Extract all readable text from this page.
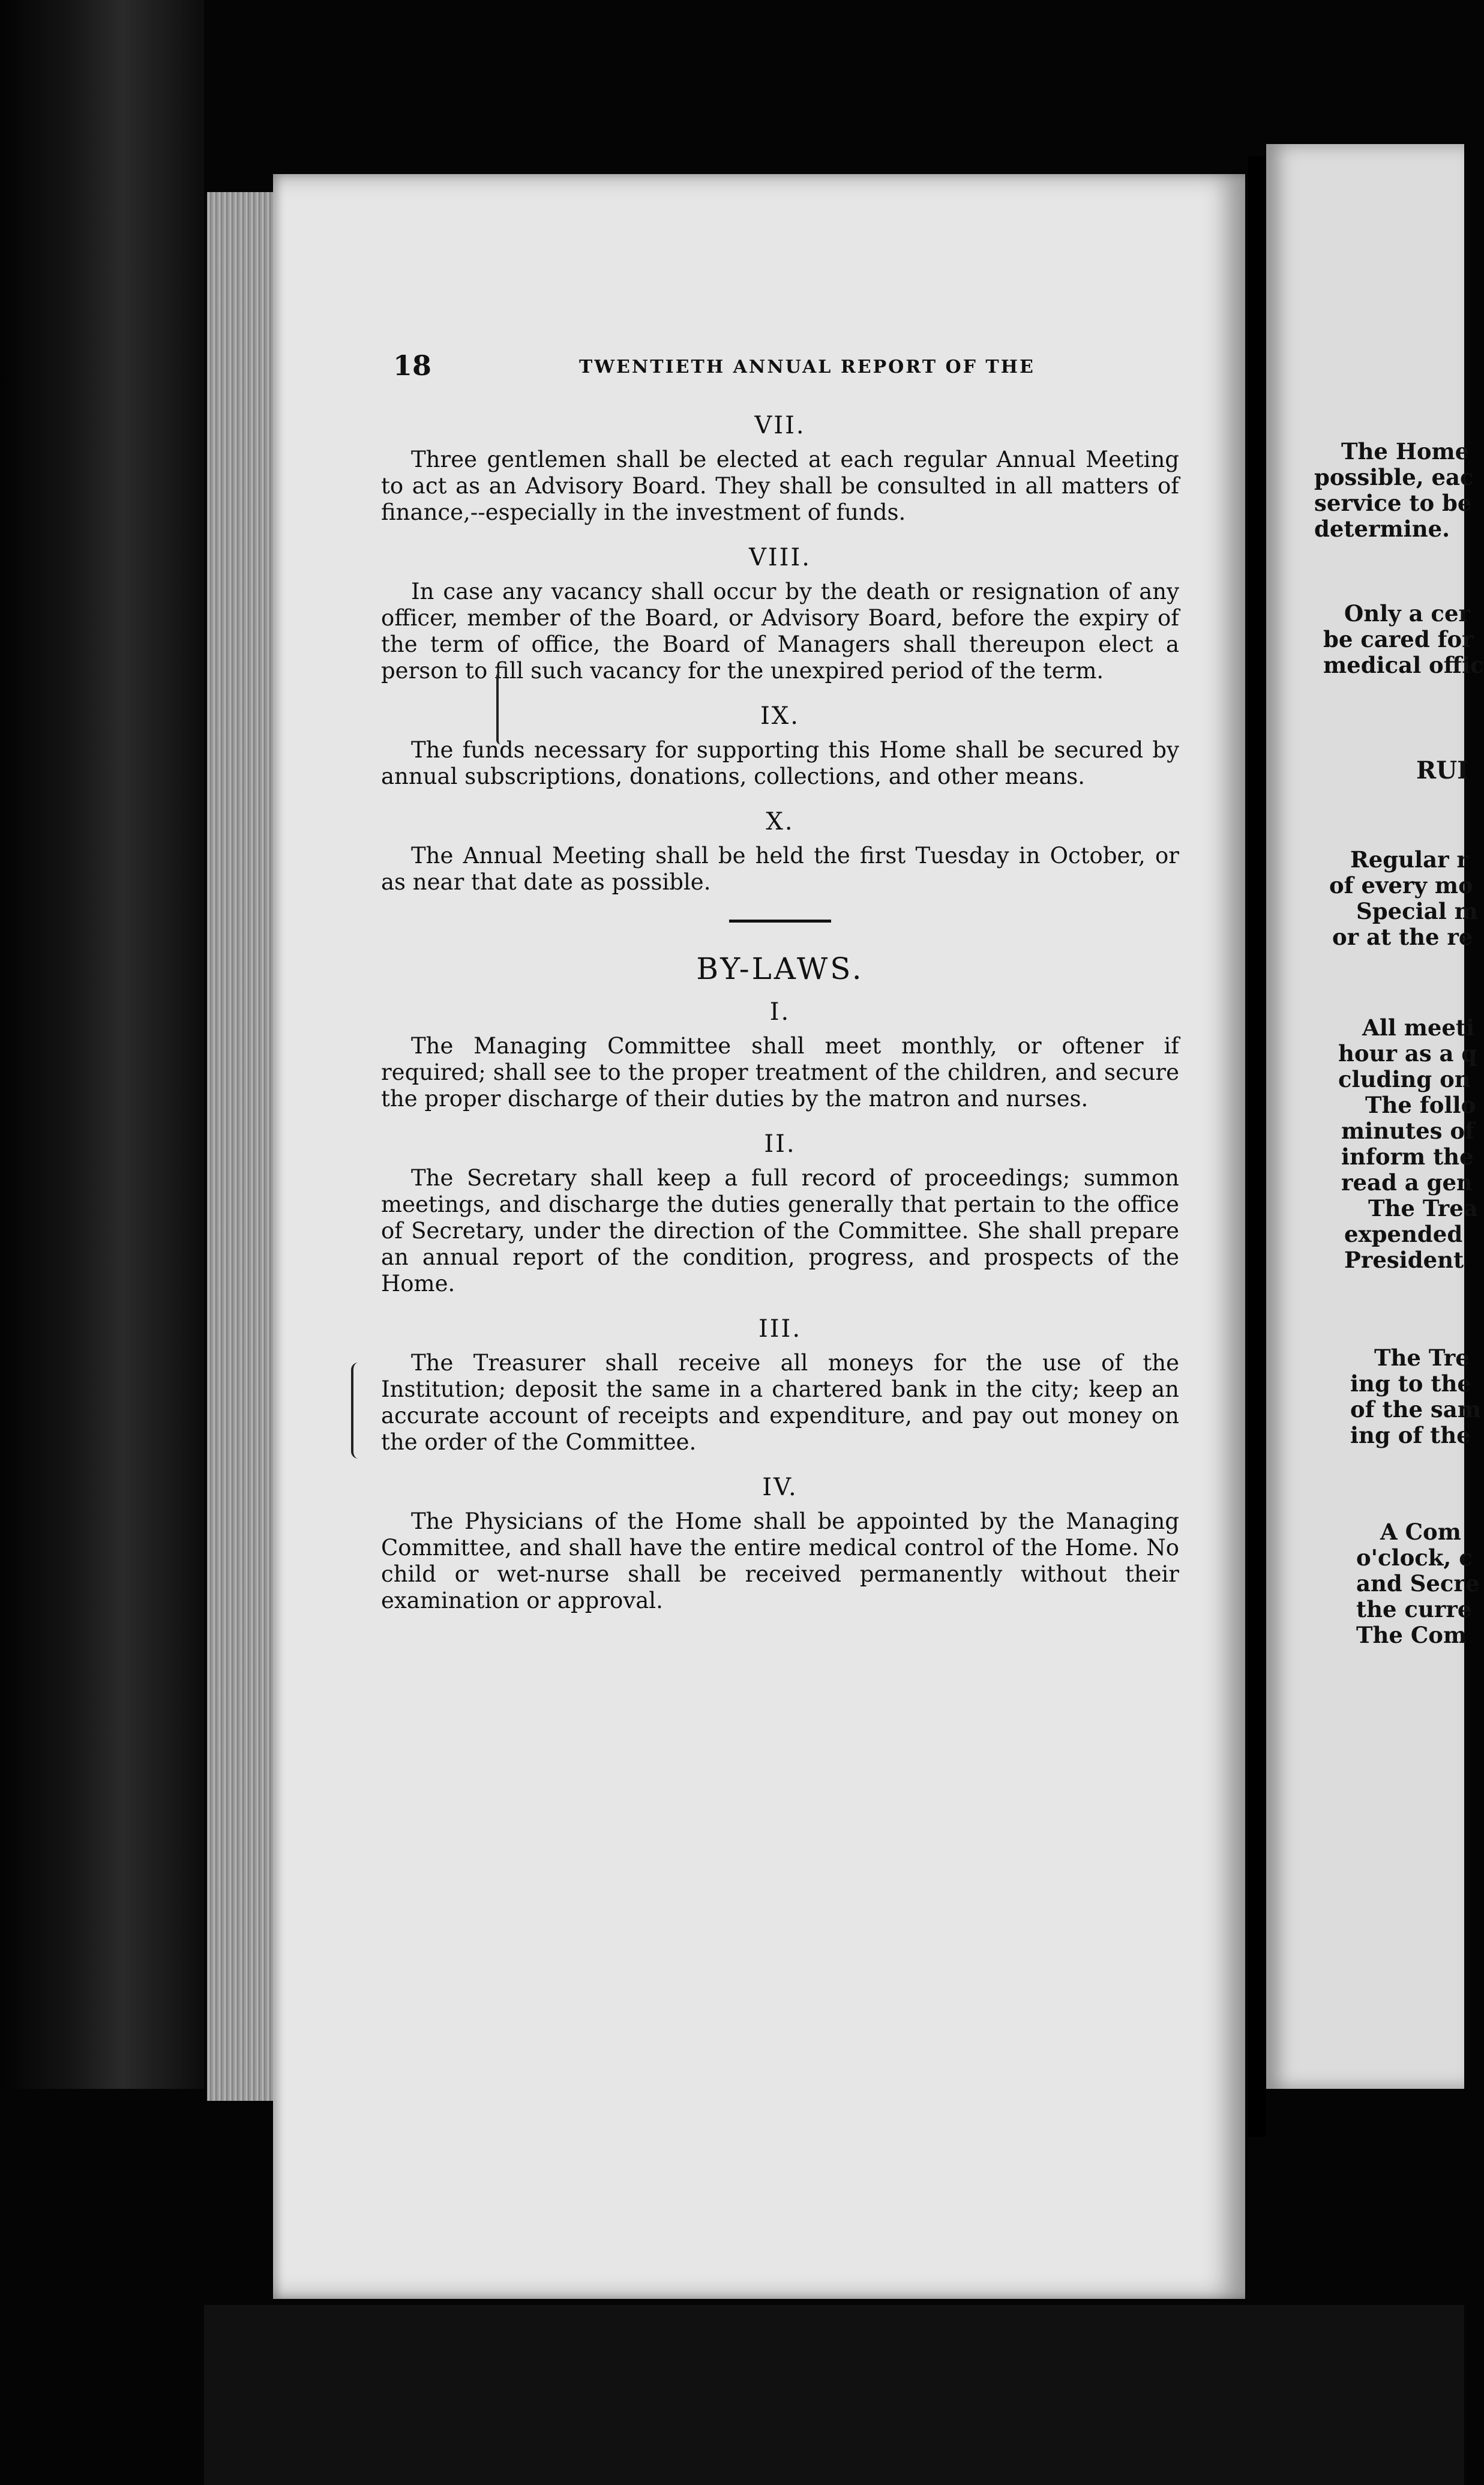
18	TWENTIETH ANNUAL REPORT OF THE

VII.

Three gentlemen shall be elected at each regular Annual Meeting to act as an Advisory Board. They shall be consulted in all matters of finance,--especially in the investment of funds.

VIII.

In case any vacancy shall occur by the death or resignation of any officer, member of the Board, or Advisory Board, before the expiry of the term of office, the Board of Managers shall thereupon elect a person to fill such vacancy for the unexpired period of the term.

IX.

The funds necessary for supporting this Home shall be secured by annual subscriptions, donations, collections, and other means.

X.

The Annual Meeting shall be held the first Tuesday in October, or as near that date as possible.

BY-LAWS.

I.

The Managing Committee shall meet monthly, or oftener if required; shall see to the proper treatment of the children, and secure the proper discharge of their duties by the matron and nurses.

II.

The Secretary shall keep a full record of proceedings; summon meetings, and discharge the duties generally that pertain to the office of Secretary, under the direction of the Committee. She shall prepare an annual report of the condition, progress, and prospects of the Home.

III.

The Treasurer shall receive all moneys for the use of the Institution; deposit the same in a chartered bank in the city; keep an accurate account of receipts and expenditure, and pay out money on the order of the Committee.

IV.

The Physicians of the Home shall be appointed by the Managing Committee, and shall have the entire medical control of the Home. No child or wet-nurse shall be received permanently without their examination or approval.

The Home
possible, eac
service to be
determine.
Only a cer
be cared for
medical offic
RUI
Regular r
of every mo
Special m
or at the re
All meeti
hour as a q
cluding on
The follo
minutes of
inform the
read a gen
The Trea
expended
President
The Tre
ing to the
of the sam
ing of the
A Com
o'clock, c
and Secre
the curre
The Com
